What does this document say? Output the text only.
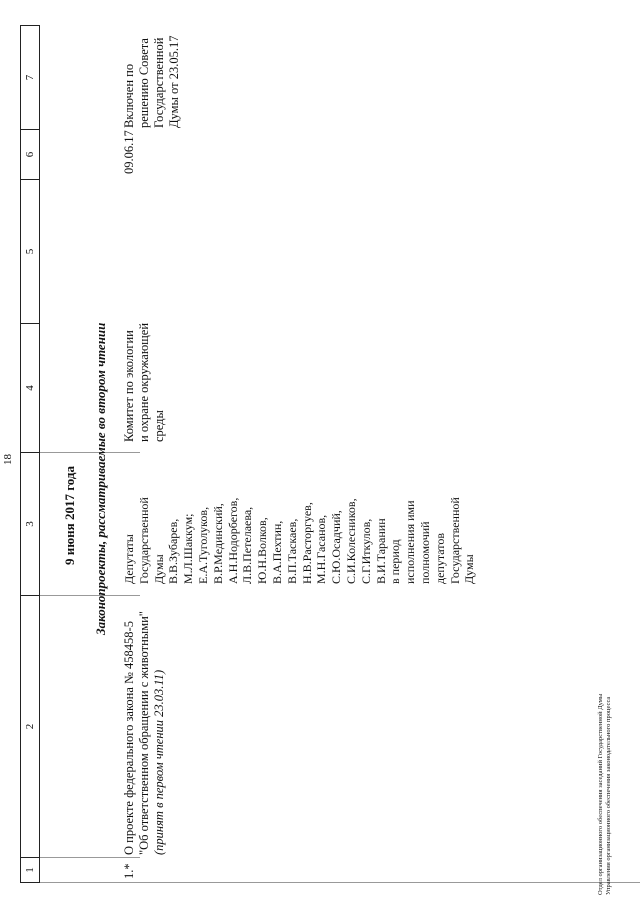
1
2
3
4
5
6
7
18
9 июня 2017 года Законопроекты, рассматриваемые во втором чтении
1.*
О проекте федерального закона № 458458-5 "Об ответственном обращении с животными" (принят в первом чтении 23.03.11)
Депутаты Государственной Думы В.В.Зубарев, М.Л.Шаккум; Е.А.Туголуков, В.Р.Мединский, А.Н.Нодорбегов, Л.В.Петелаева, Ю.Н.Волков, В.А.Пехтин, В.П.Таскаев, Н.В.Расторгуев, М.Н.Гасанов, С.Ю.Осадчий, С.И.Колесников, С.Г.Иткулов, В.И.Таранин в период исполнения ими полномочий депутатов Государственной Думы
Комитет по экологии и охране окружающей среды
09.06.17
Включен по решению Совета Государственной Думы от 23.05.17
Отдел организационного обеспечения заседаний Государственной Думы Управления организационного обеспечения законодательного процесса
